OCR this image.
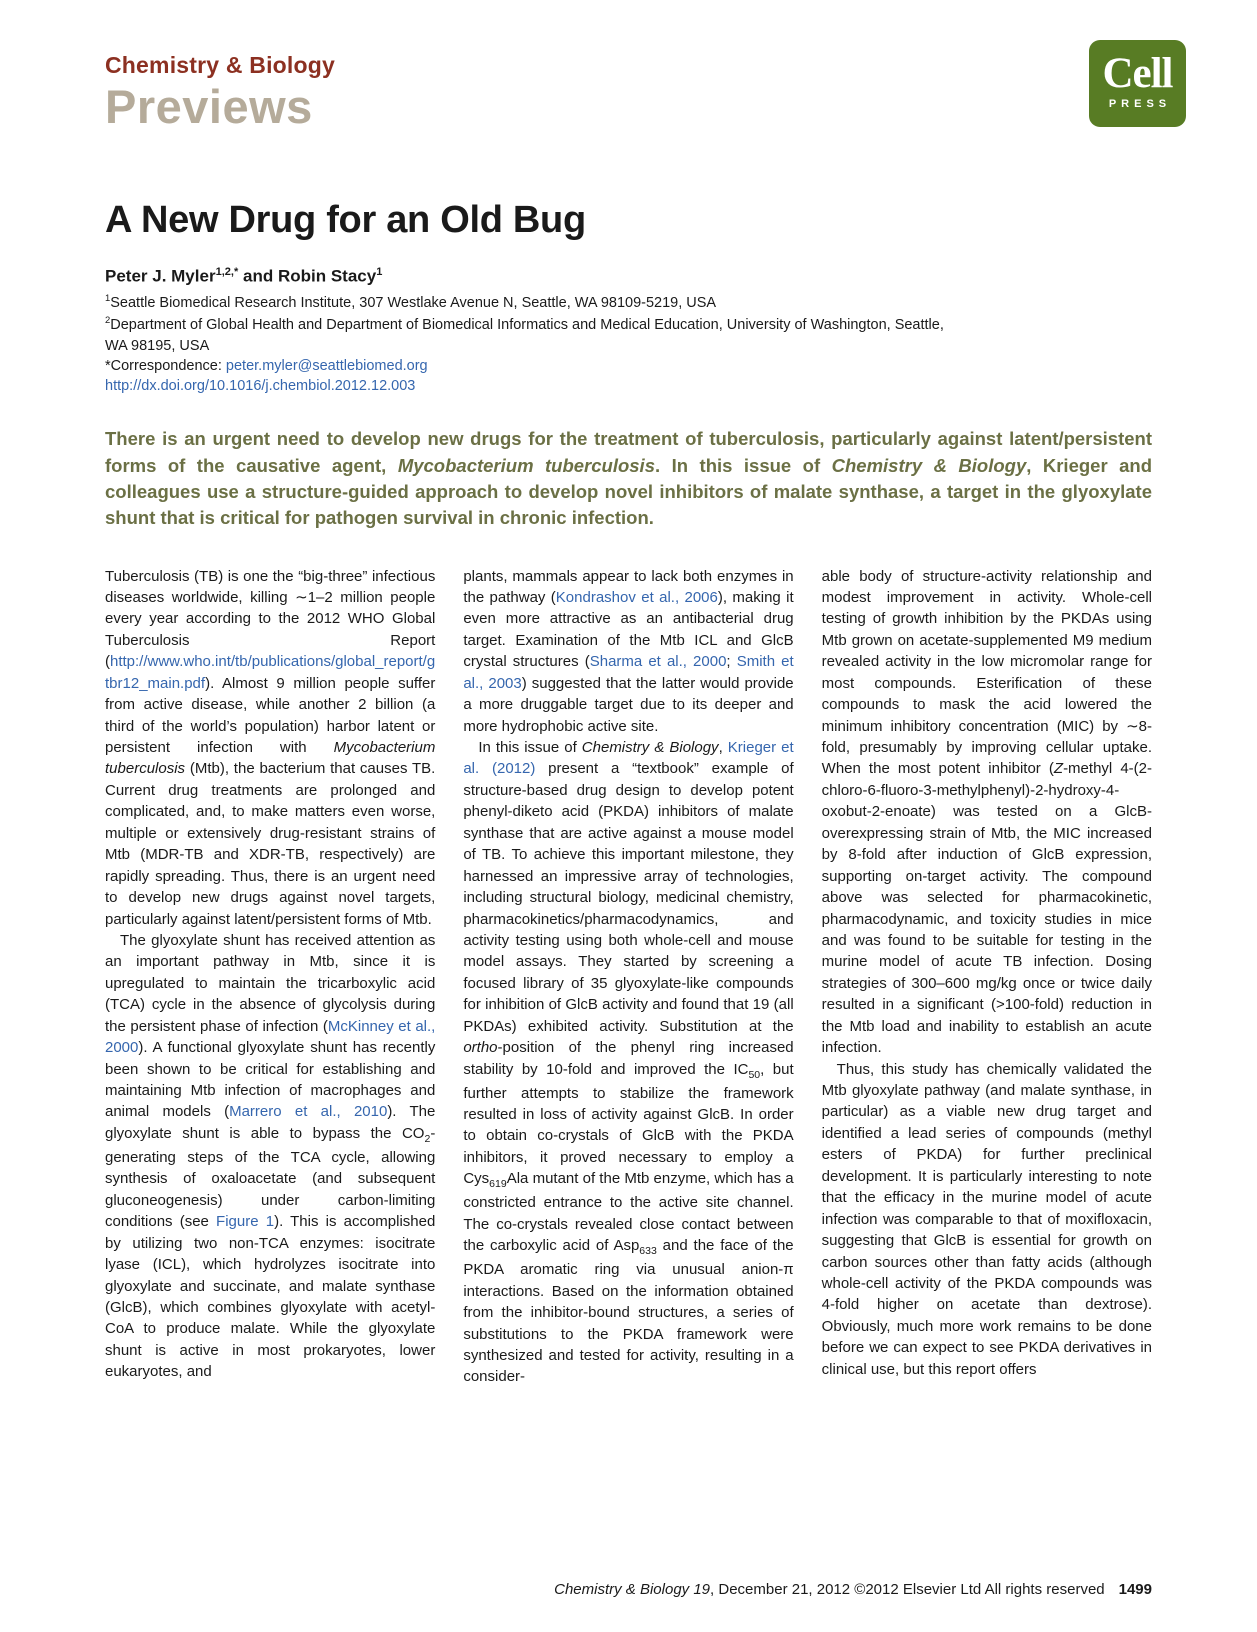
Chemistry & Biology
Previews
Cell
PRESS
A New Drug for an Old Bug

Peter J. Myler$^{1,2,*}$ and Robin Stacy$^1$

$^1$Seattle Biomedical Research Institute, 307 Westlake Avenue N, Seattle, WA 98109-5219, USA

$^2$Department of Global Health and Department of Biomedical Informatics and Medical Education, University of Washington, Seattle,

WA 98195, USA

*Correspondence: peter.myler@seattlebiomed.org

http://dx.doi.org/10.1016/j.chembiol.2012.12.003

There is an urgent need to develop new drugs for the treatment of tuberculosis, particularly against latent/persistent forms of the causative agent, Mycobacterium tuberculosis. In this issue of Chemistry & Biology, Krieger and colleagues use a structure-guided approach to develop novel inhibitors of malate synthase, a target in the glyoxylate shunt that is critical for pathogen survival in chronic infection.

Tuberculosis (TB) is one the “big-three” infectious diseases worldwide, killing ∼1–2 million people every year according to the 2012 WHO Global Tuberculosis Report (http://www.who.int/tb/publications/global_report/gtbr12_main.pdf). Almost 9 million people suffer from active disease, while another 2 billion (a third of the world’s population) harbor latent or persistent infection with Mycobacterium tuberculosis (Mtb), the bacterium that causes TB. Current drug treatments are prolonged and complicated, and, to make matters even worse, multiple or extensively drug-resistant strains of Mtb (MDR-TB and XDR-TB, respectively) are rapidly spreading. Thus, there is an urgent need to develop new drugs against novel targets, particularly against latent/persistent forms of Mtb.

The glyoxylate shunt has received attention as an important pathway in Mtb, since it is upregulated to maintain the tricarboxylic acid (TCA) cycle in the absence of glycolysis during the persistent phase of infection (McKinney et al., 2000). A functional glyoxylate shunt has recently been shown to be critical for establishing and maintaining Mtb infection of macrophages and animal models (Marrero et al., 2010). The glyoxylate shunt is able to bypass the $CO_2$-generating steps of the TCA cycle, allowing synthesis of oxaloacetate (and subsequent gluconeogenesis) under carbon-limiting conditions (see Figure 1). This is accomplished by utilizing two non-TCA enzymes: isocitrate lyase (ICL), which hydrolyzes isocitrate into glyoxylate and succinate, and malate synthase (GlcB), which combines glyoxylate with acetyl-CoA to produce malate. While the glyoxylate shunt is active in most prokaryotes, lower eukaryotes, and

plants, mammals appear to lack both enzymes in the pathway (Kondrashov et al., 2006), making it even more attractive as an antibacterial drug target. Examination of the Mtb ICL and GlcB crystal structures (Sharma et al., 2000; Smith et al., 2003) suggested that the latter would provide a more druggable target due to its deeper and more hydrophobic active site.

In this issue of Chemistry & Biology, Krieger et al. (2012) present a “textbook” example of structure-based drug design to develop potent phenyl-diketo acid (PKDA) inhibitors of malate synthase that are active against a mouse model of TB. To achieve this important milestone, they harnessed an impressive array of technologies, including structural biology, medicinal chemistry, pharmacokinetics/pharmacodynamics, and activity testing using both whole-cell and mouse model assays. They started by screening a focused library of 35 glyoxylate-like compounds for inhibition of GlcB activity and found that 19 (all PKDAs) exhibited activity. Substitution at the ortho-position of the phenyl ring increased stability by 10-fold and improved the $IC_{50}$, but further attempts to stabilize the framework resulted in loss of activity against GlcB. In order to obtain co-crystals of GlcB with the PKDA inhibitors, it proved necessary to employ a Cys$_{619}$Ala mutant of the Mtb enzyme, which has a constricted entrance to the active site channel. The co-crystals revealed close contact between the carboxylic acid of Asp$_{633}$ and the face of the PKDA aromatic ring via unusual anion-π interactions. Based on the information obtained from the inhibitor-bound structures, a series of substitutions to the PKDA framework were synthesized and tested for activity, resulting in a consider-

able body of structure-activity relationship and modest improvement in activity. Whole-cell testing of growth inhibition by the PKDAs using Mtb grown on acetate-supplemented M9 medium revealed activity in the low micromolar range for most compounds. Esterification of these compounds to mask the acid lowered the minimum inhibitory concentration (MIC) by ∼8-fold, presumably by improving cellular uptake. When the most potent inhibitor (Z-methyl 4-(2-chloro-6-fluoro-3-methylphenyl)-2-hydroxy-4-oxobut-2-enoate) was tested on a GlcB-overexpressing strain of Mtb, the MIC increased by 8-fold after induction of GlcB expression, supporting on-target activity. The compound above was selected for pharmacokinetic, pharmacodynamic, and toxicity studies in mice and was found to be suitable for testing in the murine model of acute TB infection. Dosing strategies of 300–600 mg/kg once or twice daily resulted in a significant (>100-fold) reduction in the Mtb load and inability to establish an acute infection.

Thus, this study has chemically validated the Mtb glyoxylate pathway (and malate synthase, in particular) as a viable new drug target and identified a lead series of compounds (methyl esters of PKDA) for further preclinical development. It is particularly interesting to note that the efficacy in the murine model of acute infection was comparable to that of moxifloxacin, suggesting that GlcB is essential for growth on carbon sources other than fatty acids (although whole-cell activity of the PKDA compounds was 4-fold higher on acetate than dextrose). Obviously, much more work remains to be done before we can expect to see PKDA derivatives in clinical use, but this report offers

Chemistry & Biology 19, December 21, 2012 ©2012 Elsevier Ltd All rights reserved 1499
